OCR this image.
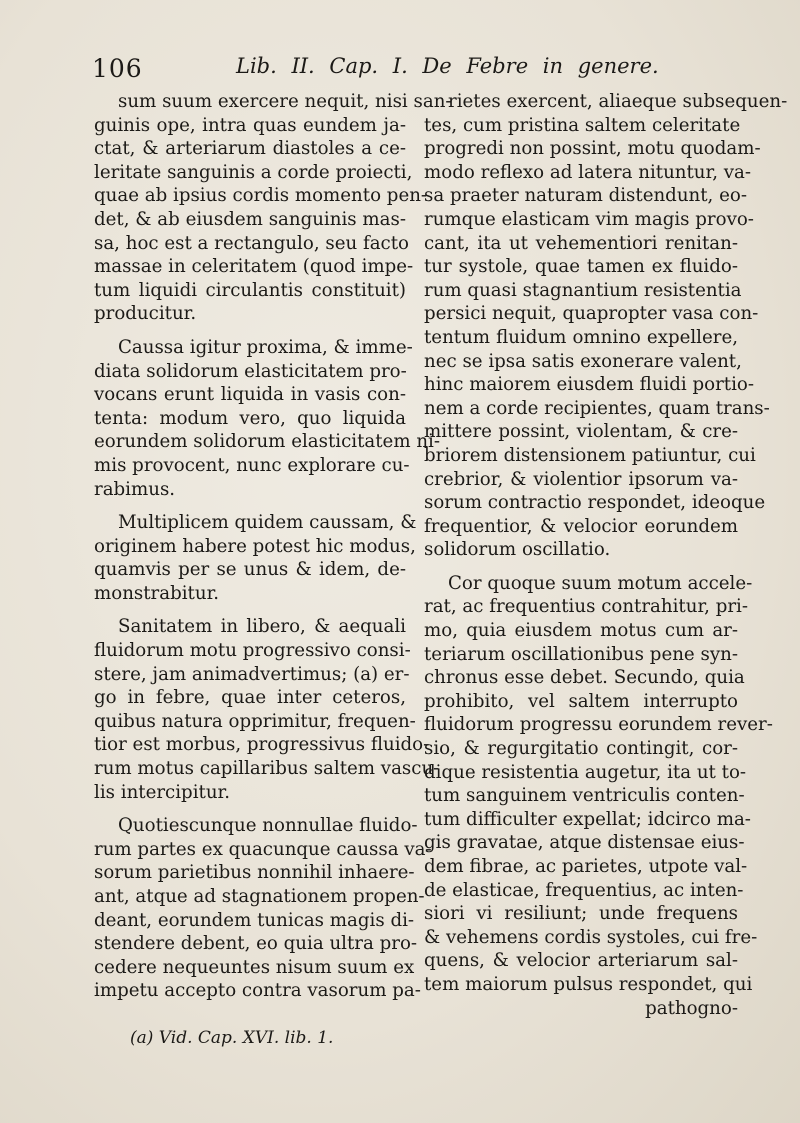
106	Lib. II. Cap. I. De Febre in genere.
sum suum exercere nequit, nisi san-
guinis ope, intra quas eundem ja-
ctat, & arteriarum diastoles a ce-
leritate sanguinis a corde proiecti,
quae ab ipsius cordis momento pen-
det, & ab eiusdem sanguinis mas-
sa, hoc est a rectangulo, seu facto
massae in celeritatem (quod impe-
tum liquidi circulantis constituit)
producitur.
Caussa igitur proxima, & imme-
diata solidorum elasticitatem pro-
vocans erunt liquida in vasis con-
tenta: modum vero, quo liquida
eorundem solidorum elasticitatem ni-
mis provocent, nunc explorare cu-
rabimus.
Multiplicem quidem caussam, &
originem habere potest hic modus,
quamvis per se unus & idem, de-
monstrabitur.
Sanitatem in libero, & aequali
fluidorum motu progressivo consi-
stere, jam animadvertimus; (a) er-
go in febre, quae inter ceteros,
quibus natura opprimitur, frequen-
tior est morbus, progressivus fluido-
rum motus capillaribus saltem vascu-
lis intercipitur.
Quotiescunque nonnullae fluido-
rum partes ex quacunque caussa va-
sorum parietibus nonnihil inhaere-
ant, atque ad stagnationem propen-
deant, eorundem tunicas magis di-
stendere debent, eo quia ultra pro-
cedere nequeuntes nisum suum ex
impetu accepto contra vasorum pa-
rietes exercent, aliaeque subsequen-
tes, cum pristina saltem celeritate
progredi non possint, motu quodam-
modo reflexo ad latera nituntur, va-
sa praeter naturam distendunt, eo-
rumque elasticam vim magis provo-
cant, ita ut vehementiori renitan-
tur systole, quae tamen ex fluido-
rum quasi stagnantium resistentia
persici nequit, quapropter vasa con-
tentum fluidum omnino expellere,
nec se ipsa satis exonerare valent,
hinc maiorem eiusdem fluidi portio-
nem a corde recipientes, quam trans-
mittere possint, violentam, & cre-
briorem distensionem patiuntur, cui
crebrior, & violentior ipsorum va-
sorum contractio respondet, ideoque
frequentior, & velocior eorundem
solidorum oscillatio.
Cor quoque suum motum accele-
rat, ac frequentius contrahitur, pri-
mo, quia eiusdem motus cum ar-
teriarum oscillationibus pene syn-
chronus esse debet. Secundo, quia
prohibito, vel saltem interrupto
fluidorum progressu eorundem rever-
sio, & regurgitatio contingit, cor-
dique resistentia augetur, ita ut to-
tum sanguinem ventriculis conten-
tum difficulter expellat; idcirco ma-
gis gravatae, atque distensae eius-
dem fibrae, ac parietes, utpote val-
de elasticae, frequentius, ac inten-
siori vi resiliunt; unde frequens
& vehemens cordis systoles, cui fre-
quens, & velocior arteriarum sal-
tem maiorum pulsus respondet, qui
pathogno-
(a) Vid. Cap. XVI. lib. 1.
